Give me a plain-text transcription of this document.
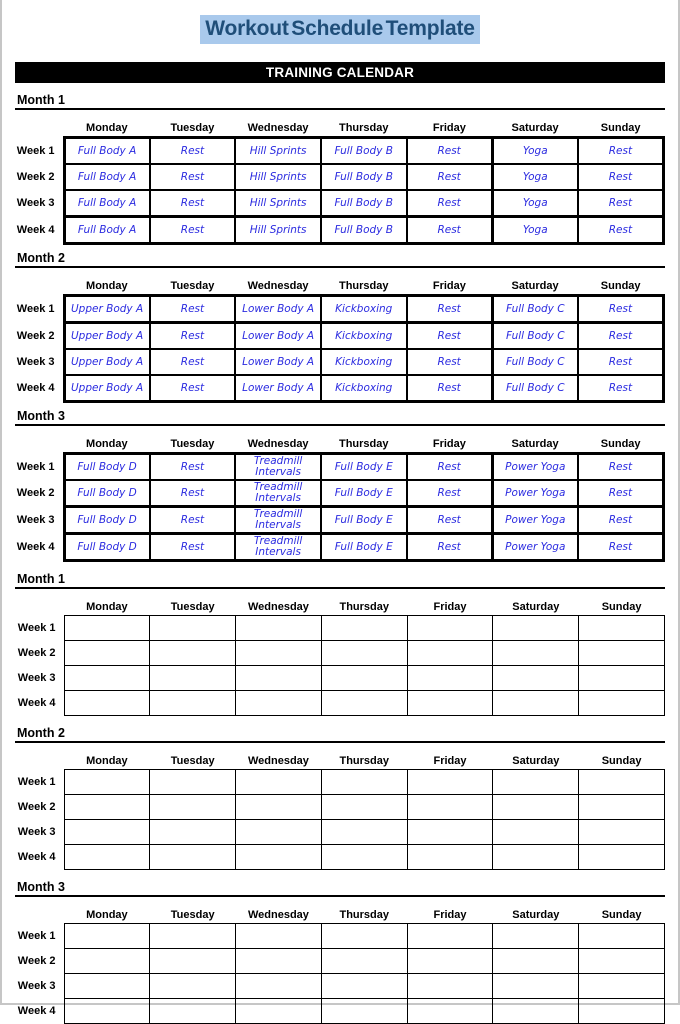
Workout Schedule Template
TRAINING CALENDAR
Month 1
	Monday	Tuesday	Wednesday	Thursday	Friday	Saturday	Sunday
Week 1	Full Body A	Rest	Hill Sprints	Full Body B	Rest	Yoga	Rest
Week 2	Full Body A	Rest	Hill Sprints	Full Body B	Rest	Yoga	Rest
Week 3	Full Body A	Rest	Hill Sprints	Full Body B	Rest	Yoga	Rest
Week 4	Full Body A	Rest	Hill Sprints	Full Body B	Rest	Yoga	Rest
Month 2
	Monday	Tuesday	Wednesday	Thursday	Friday	Saturday	Sunday
Week 1	Upper Body A	Rest	Lower Body A	Kickboxing	Rest	Full Body C	Rest
Week 2	Upper Body A	Rest	Lower Body A	Kickboxing	Rest	Full Body C	Rest
Week 3	Upper Body A	Rest	Lower Body A	Kickboxing	Rest	Full Body C	Rest
Week 4	Upper Body A	Rest	Lower Body A	Kickboxing	Rest	Full Body C	Rest
Month 3
	Monday	Tuesday	Wednesday	Thursday	Friday	Saturday	Sunday
Week 1	Full Body D	Rest	Treadmill Intervals	Full Body E	Rest	Power Yoga	Rest
Week 2	Full Body D	Rest	Treadmill Intervals	Full Body E	Rest	Power Yoga	Rest
Week 3	Full Body D	Rest	Treadmill Intervals	Full Body E	Rest	Power Yoga	Rest
Week 4	Full Body D	Rest	Treadmill Intervals	Full Body E	Rest	Power Yoga	Rest
Month 1
	Monday	Tuesday	Wednesday	Thursday	Friday	Saturday	Sunday
Week 1							
Week 2							
Week 3							
Week 4							
Month 2
	Monday	Tuesday	Wednesday	Thursday	Friday	Saturday	Sunday
Week 1							
Week 2							
Week 3							
Week 4							
Month 3
	Monday	Tuesday	Wednesday	Thursday	Friday	Saturday	Sunday
Week 1							
Week 2							
Week 3							
Week 4							
